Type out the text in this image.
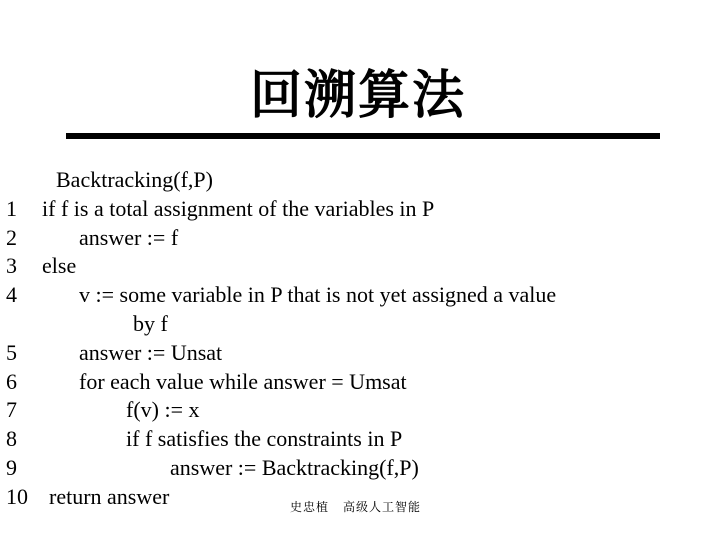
回溯算法
Backtracking(f,P)
1 if f is a total assignment of the variables in P
2	answer := f
3 else
4	v := some variable in P that is not yet assigned a value
by f
5	answer := Unsat
6	for each value while answer = Umsat
7	f(v) := x
8	if f satisfies the constraints in P
9	answer := Backtracking(f,P)
10 return answer	史忠植 高级人工智能
